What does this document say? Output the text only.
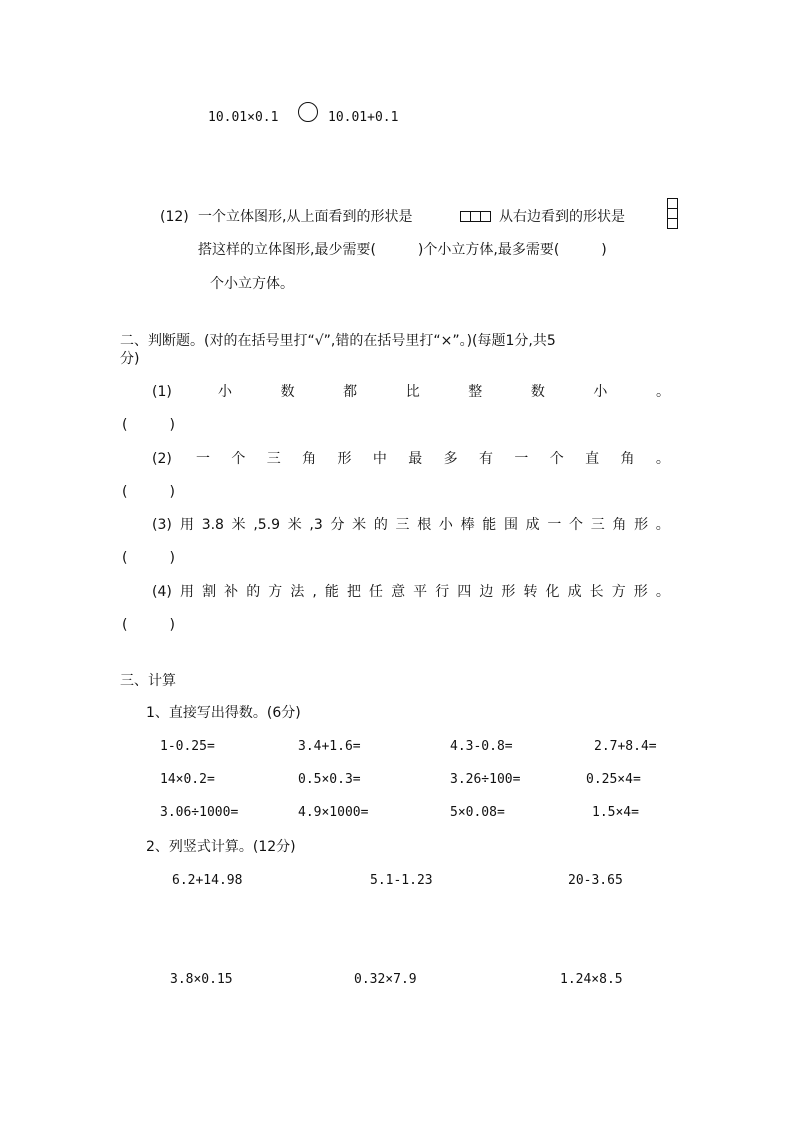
10.01×0.1	10.01+0.1
(12) 一个立体图形,从上面看到的形状是	从右边看到的形状是
搭这样的立体图形,最少需要(　　　)个小立方体,最多需要(　　　)
个小立方体。
二、判断题。(对的在括号里打“√”,错的在括号里打“×”。)(每题1分,共5
分)
(1)	小	数	都	比	整	数	小	。
(　　　)
(2) 一 个 三 角 形 中 最 多 有 一 个 直 角 。
(　　　)
(3) 用 3.8 米 ,5.9 米 ,3 分 米 的 三 根 小 棒 能 围 成 一 个 三 角 形 。
(　　　)
(4) 用 割 补 的 方 法 , 能 把 任 意 平 行 四 边 形 转 化 成 长 方 形 。
(　　　)
三、计算
1、直接写出得数。(6分)
1-0.25=	3.4+1.6=	4.3-0.8=	2.7+8.4=
14×0.2=	0.5×0.3=	3.26÷100=	0.25×4=
3.06÷1000=	4.9×1000=	5×0.08=	1.5×4=
2、列竖式计算。(12分)
6.2+14.98	5.1-1.23	20-3.65
3.8×0.15	0.32×7.9	1.24×8.5
